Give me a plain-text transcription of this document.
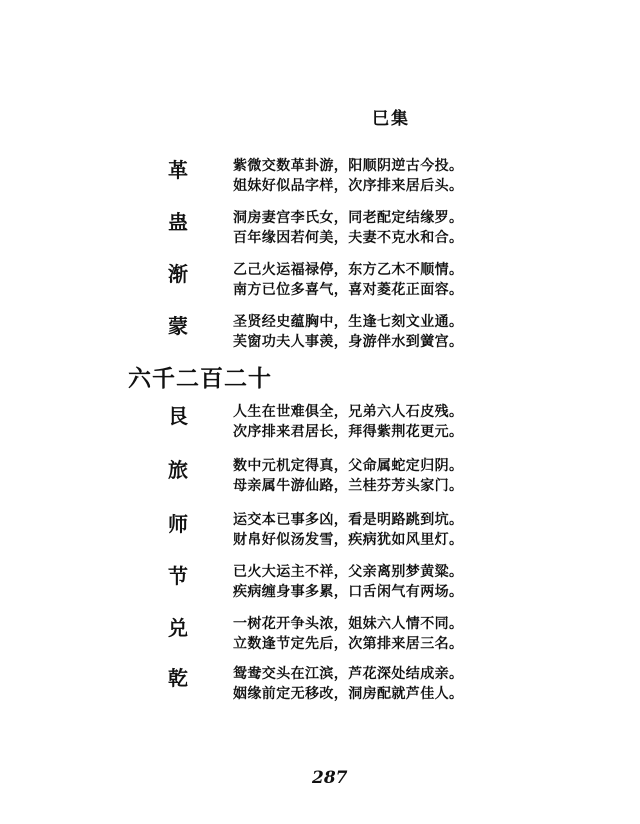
巳集
革	紫微交数革卦游，阳顺阴逆古今投。
姐妹好似品字样，次序排来居后头。
蛊	洞房妻宫李氏女，同老配定结缘罗。
百年缘因若何美，夫妻不克水和合。
渐	乙己火运福禄停，东方乙木不顺情。
南方已位多喜气，喜对菱花正面容。
蒙	圣贤经史蕴胸中，生逢七刻文业通。
芙窗功夫人事羡，身游伴水到黉宫。
六千二百二十
艮	人生在世难俱全，兄弟六人石皮残。
次序排来君居长，拜得紫荆花更元。
旅	数中元机定得真，父命属蛇定归阴。
母亲属牛游仙路，兰桂芬芳头家门。
师	运交本已事多凶，看是明路跳到坑。
财帛好似汤发雪，疾病犹如风里灯。
节	已火大运主不祥，父亲离别梦黄粱。
疾病缠身事多累，口舌闲气有两场。
兑	一树花开争头浓，姐妹六人情不同。
立数逢节定先后，次第排来居三名。
乾	鸳鸯交头在江滨，芦花深处结成亲。
姻缘前定无移改，洞房配就芦佳人。
287
